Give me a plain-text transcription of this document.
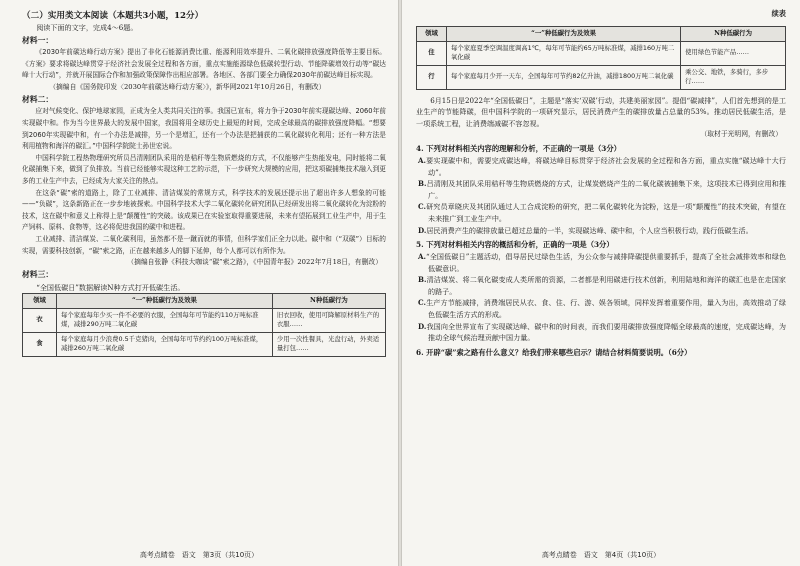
（二）实用类文本阅读（本题共3小题，12分）
阅读下面的文字，完成4～6题。
材料一：
《2030年前碳达峰行动方案》提出了非化石能源消费比重、能源利用效率提升、二氧化碳排放强度降低等主要目标。《方案》要求将碳达峰贯穿于经济社会发展全过程和各方面，重点实施能源绿色低碳转型行动、节能降碳增效行动等“碳达峰十大行动”，并就开展国际合作和加强政策保障作出相应部署。各地区、各部门要全力确保2030年前碳达峰目标实现。
（摘编自《国务院印发〈2030年前碳达峰行动方案〉》，新华网2021年10月26日，有删改）
材料二：
应对气候变化、保护地球家园，正成为全人类共同关注的事。我国已宣布，将力争于2030年前实现碳达峰、2060年前实现碳中和。作为当今世界最大的发展中国家，我国将用全球历史上最短的时间，完成全球最高的碳排放强度降幅。“想要到2060年实现碳中和，有一个办法是减排，另一个是增汇，还有一个办法是把捕获的二氧化碳转化利用；还有一种方法是利用植物和海洋的碳汇。”中国科学院院士孙世宏说。
中国科学院工程热物理研究所员吕清刚团队采用的是秸秆等生物质燃烧的方式，不仅能够产生热能发电，同时能将二氧化碳捕集下来，做到了负排放。当前已经能够实现这种工艺的示范，下一步研究大规模的应用，把这项碳捕集技术融入到更多的工业生产中去，已经成为大家关注的热点。
在这条“碳”索的道路上，除了工业减排、清洁煤炭的常规方式，科学技术的发展还提示出了超出许多人想象的可能——“负碳”，这条新路正在一步步地被探索。中国科学技术大学二氧化碳转化研究团队已经研发出将二氧化碳转化为淀粉的技术，这在碳中和意义上称得上是“颠覆性”的突破。该成果已在实验室取得重要进展，未来有望拓展到工业生产中，用于生产饲料、原料、食物等，这必将促进我国的碳中和进程。
工业减排、清洁煤炭、二氧化碳利用，虽然都不是一蹴而就的事情，但科学家们正全力以赴。碳中和（“双碳”）目标的实现，需要科技创新，“碳”索之路，正在越来越多人的脚下延伸，每个人都可以有所作为。
（摘编自张静《科技大咖谈“碳”索之路》，《中国青年报》2022年7月18日，有删改）
材料三：
“全国低碳日”数据解读N种方式打开低碳生活。
领域	“一”种低碳行为及效果	N种低碳行为
衣	每个家庭每年少买一件不必要的衣服，全国每年可节能约110万吨标准煤，减排290万吨二氧化碳	旧衣回收，使用可降解原材料生产的衣服……
食	每个家庭每月少浪费0.5千克猪肉，全国每年可节约约100万吨标准煤，减排260万吨二氧化碳	少用一次性餐具，光盘行动，外卖适量打包……
高考点睛卷　语文　第3页（共10页）
续表
领域	“一”种低碳行为及效果	N种低碳行为
住	每个家庭夏季空调温度调高1℃，每年可节能约65万吨标准煤，减排160万吨二氧化碳	使用绿色节能产品……
行	每个家庭每月少开一天车，全国每年可节约82亿升油，减排1800万吨二氧化碳	乘公交、地铁，多骑行，多步行……
6月15日是2022年“全国低碳日”，主题是“落实‘双碳’行动，共建美丽家园”。提倡“碳减排”，人们首先想到的是工业生产的节能降碳，但中国科学院的一项研究显示，居民消费产生的碳排放量占总量的53%。推动居民低碳生活，是一项系统工程，让消费端减碳不容忽视。
（取材于光明网，有删改）
4. 下列对材料相关内容的理解和分析，不正确的一项是（3分）
A.要实现碳中和，需要完成碳达峰，将碳达峰目标贯穿于经济社会发展的全过程和各方面，重点实施“碳达峰十大行动”。
B.吕清刚及其团队采用秸秆等生物质燃烧的方式，让煤炭燃烧产生的二氧化碳被捕集下来，这项技术已得到应用和推广。
C.研究员章晓庆及其团队通过人工合成淀粉的研究，把二氧化碳转化为淀粉，这是一项“颠覆性”的技术突破，有望在未来推广到工业生产中。
D.居民消费产生的碳排放量已超过总量的一半，实现碳达峰、碳中和，个人应当积极行动，践行低碳生活。
5. 下列对材料相关内容的概括和分析，正确的一项是（3分）
A.“全国低碳日”主题活动，倡导居民过绿色生活，为公众参与减排降碳提供重要抓手，提高了全社会减排效率和绿色低碳意识。
B.清洁煤炭、将二氧化碳变成人类所需的资源，二者都是利用碳进行技术创新，利用陆地和海洋的碳汇也是在走国家的路子。
C.生产方节能减排，消费端居民从衣、食、住、行、游、娱各领域，同样发挥着重要作用，量入为出，高效推动了绿色低碳生活方式的形成。
D.我国向全世界宣布了实现碳达峰、碳中和的时间表，而我们要用碳排放强度降幅全球最高的速度，完成碳达峰，为推动全球气候治理贡献中国力量。
6. 开辟“碳”索之路有什么意义？给我们带来哪些启示？请结合材料简要说明。（6分）
高考点睛卷　语文　第4页（共10页）
